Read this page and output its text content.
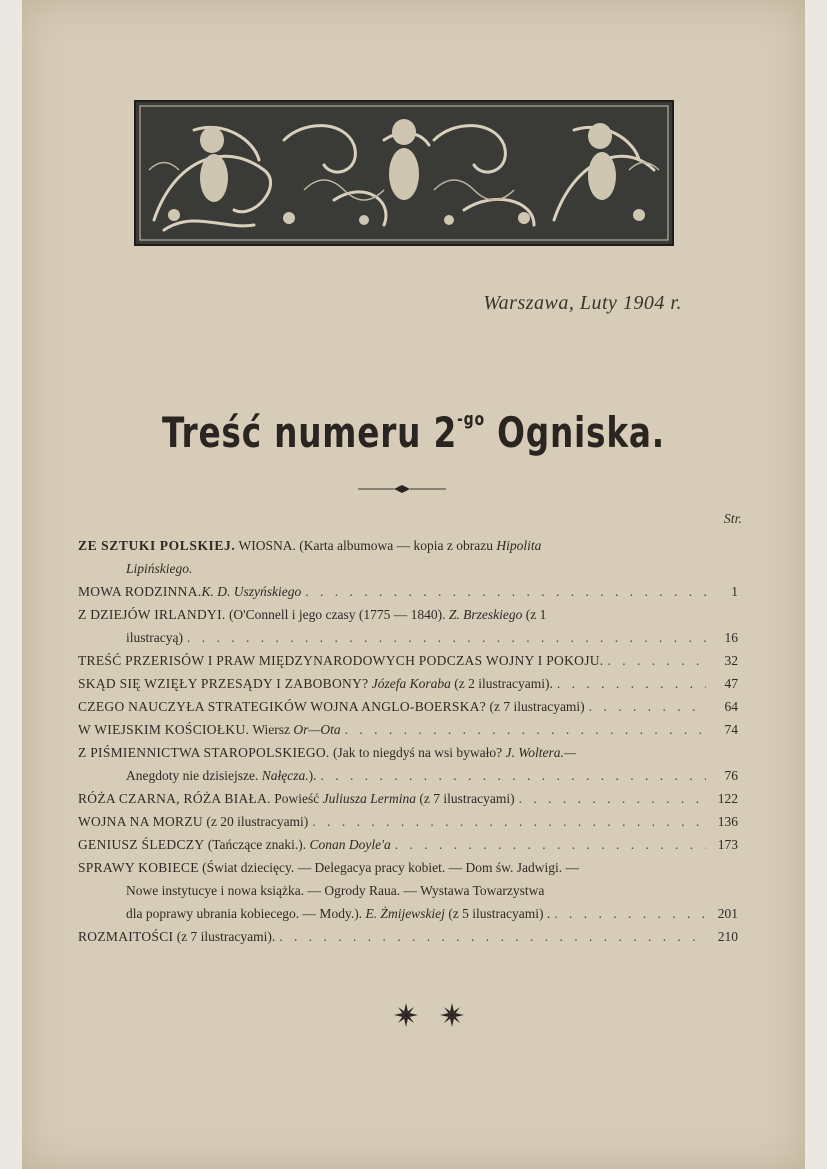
Warszawa, Luty 1904 r.
Treść numeru $2^{-go}$ Ogniska.
Str.
ZE SZTUKI POLSKIEJ. WIOSNA. (Karta albumowa — kopia z obrazu Hipolita
Lipińskiego.
MOWA RODZINNA.K. D. Uszyńskiego . . .	1
Z DZIEJÓW IRLANDYI. (O'Connell i jego czasy (1775 — 1840). Z. Brzeskiego (z 1
ilustracyą) . . .	16
TREŚĆ PRZERISÓW I PRAW MIĘDZYNARODOWYCH PODCZAS WOJNY I POKOJU. . . .	32
SKĄD SIĘ WZIĘŁY PRZESĄDY I ZABOBONY? Józefa Koraba (z 2 ilustracyami). . . .	47
CZEGO NAUCZYŁA STRATEGIKÓW WOJNA ANGLO-BOERSKA? (z 7 ilustracyami) . . .	64
W WIEJSKIM KOŚCIOŁKU. Wiersz Or—Ota . . .	74
Z PIŚMIENNICTWA STAROPOLSKIEGO. (Jak to niegdyś na wsi bywało? J. Woltera.—
Anegdoty nie dzisiejsze. Nałęcza.). . . .	76
RÓŻA CZARNA, RÓŻA BIAŁA. Powieść Juliusza Lermina (z 7 ilustracyami) . . .	122
WOJNA NA MORZU (z 20 ilustracyami) . . .	136
GENIUSZ ŚLEDCZY (Tańczące znaki.). Conan Doyle'a . . .	173
SPRAWY KOBIECE (Świat dziecięcy. — Delegacya pracy kobiet. — Dom św. Jadwigi. —
Nowe instytucye i nowa książka. — Ogrody Raua. — Wystawa Towarzystwa
dla poprawy ubrania kobiecego. — Mody.). E. Żmijewskiej (z 5 ilustracyami) . . . .	201
ROZMAITOŚCI (z 7 ilustracyami). . . .	210
